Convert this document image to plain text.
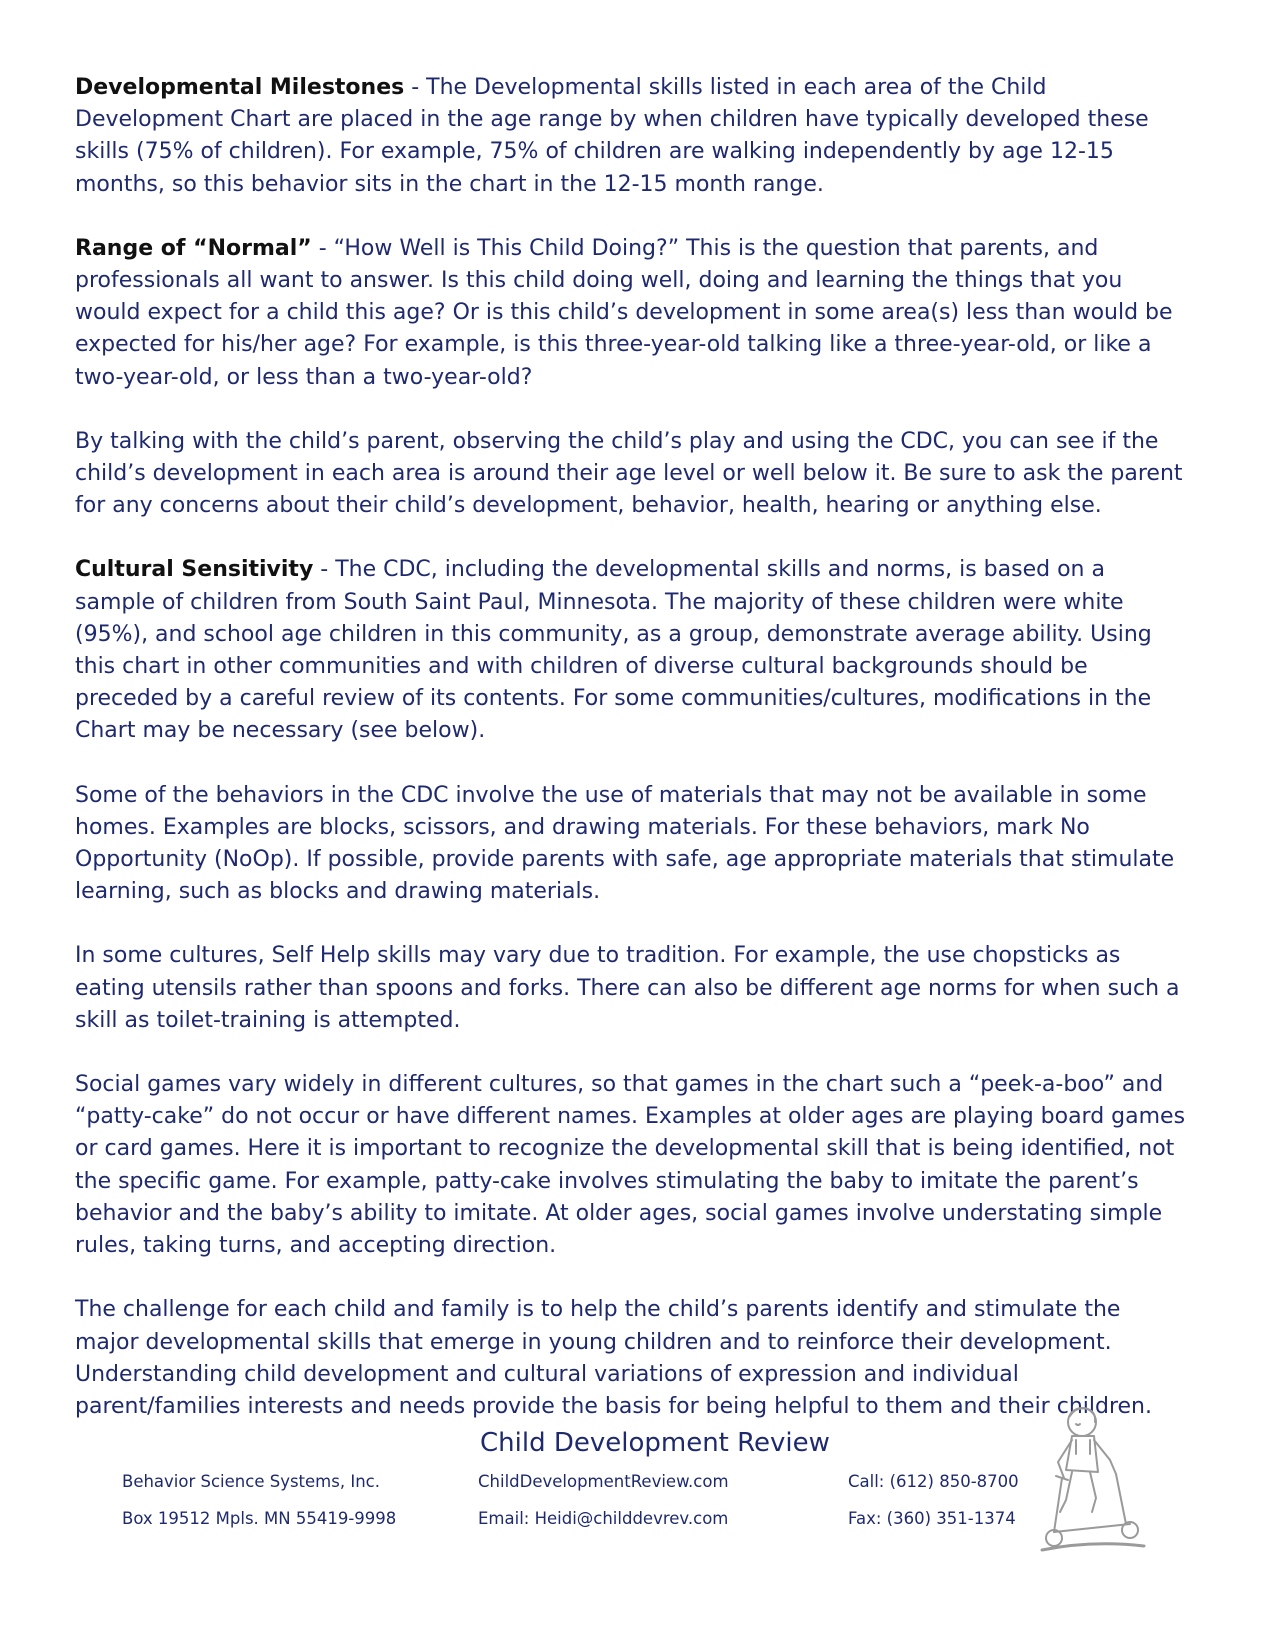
Developmental Milestones - The Developmental skills listed in each area of the Child Development Chart are placed in the age range by when children have typically developed these skills (75% of children). For example, 75% of children are walking independently by age 12-15 months, so this behavior sits in the chart in the 12-15 month range.

Range of “Normal” - “How Well is This Child Doing?” This is the question that parents, and professionals all want to answer. Is this child doing well, doing and learning the things that you would expect for a child this age? Or is this child’s development in some area(s) less than would be expected for his/her age? For example, is this three-year-old talking like a three-year-old, or like a two-year-old, or less than a two-year-old?

By talking with the child’s parent, observing the child’s play and using the CDC, you can see if the child’s development in each area is around their age level or well below it. Be sure to ask the parent for any concerns about their child’s development, behavior, health, hearing or anything else.

Cultural Sensitivity - The CDC, including the developmental skills and norms, is based on a sample of children from South Saint Paul, Minnesota. The majority of these children were white (95%), and school age children in this community, as a group, demonstrate average ability. Using this chart in other communities and with children of diverse cultural backgrounds should be preceded by a careful review of its contents. For some communities/cultures, modifications in the Chart may be necessary (see below).

Some of the behaviors in the CDC involve the use of materials that may not be available in some homes. Examples are blocks, scissors, and drawing materials. For these behaviors, mark No Opportunity (NoOp). If possible, provide parents with safe, age appropriate materials that stimulate learning, such as blocks and drawing materials.

In some cultures, Self Help skills may vary due to tradition. For example, the use chopsticks as eating utensils rather than spoons and forks. There can also be different age norms for when such a skill as toilet-training is attempted.

Social games vary widely in different cultures, so that games in the chart such a “peek-a-boo” and “patty-cake” do not occur or have different names. Examples at older ages are playing board games or card games. Here it is important to recognize the developmental skill that is being identified, not the specific game. For example, patty-cake involves stimulating the baby to imitate the parent’s behavior and the baby’s ability to imitate. At older ages, social games involve understating simple rules, taking turns, and accepting direction.

The challenge for each child and family is to help the child’s parents identify and stimulate the major developmental skills that emerge in young children and to reinforce their development. Understanding child development and cultural variations of expression and individual parent/families interests and needs provide the basis for being helpful to them and their children.

Child Development Review
Behavior Science Systems, Inc.
Box 19512 Mpls. MN 55419-9998
ChildDevelopmentReview.com
Email: Heidi@childdevrev.com
Call: (612) 850-8700
Fax: (360) 351-1374
